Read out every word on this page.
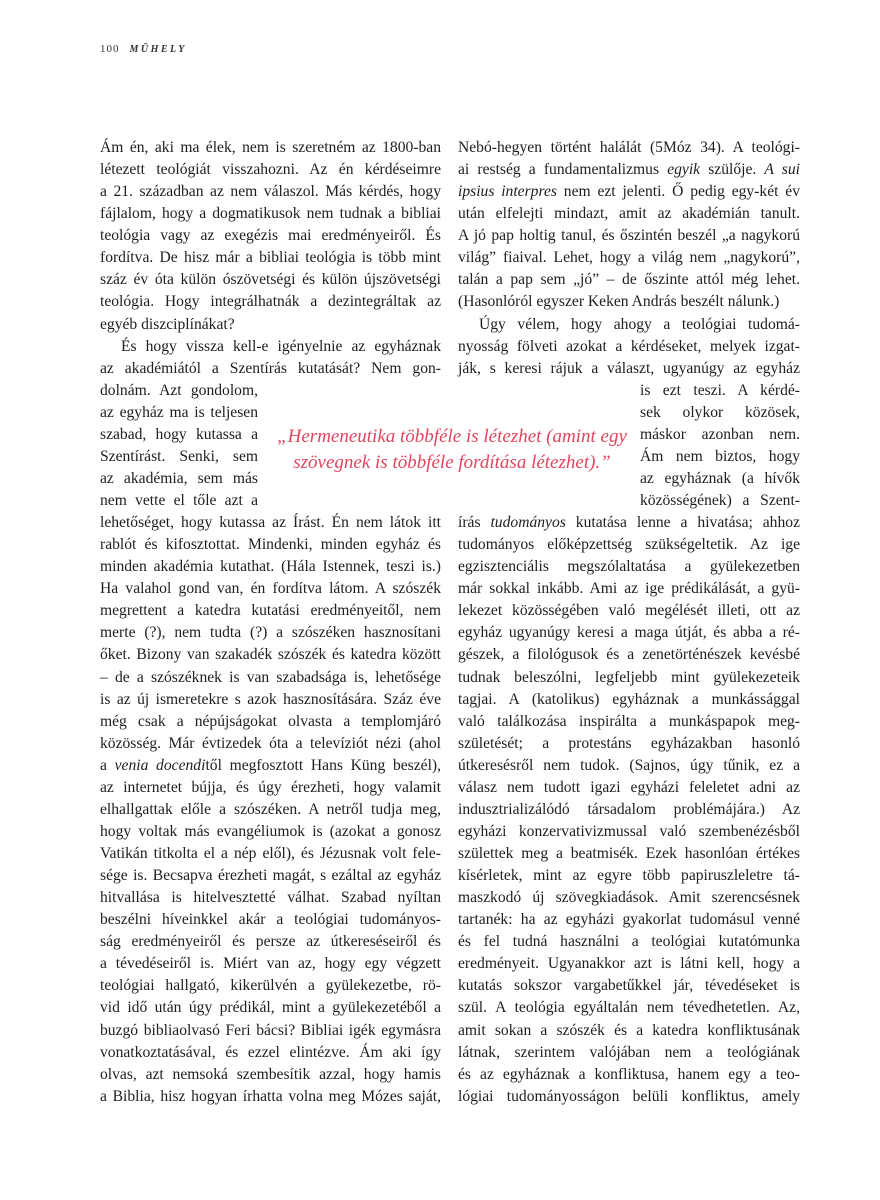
100 MŰHELY
Ám én, aki ma élek, nem is szeretném az 1800-ban
létezett teológiát visszahozni. Az én kérdéseimre
a 21. században az nem válaszol. Más kérdés, hogy
fájlalom, hogy a dogmatikusok nem tudnak a bibliai
teológia vagy az exegézis mai eredményeiről. És
fordítva. De hisz már a bibliai teológia is több mint
száz év óta külön ószövetségi és külön újszövetségi
teológia. Hogy integrálhatnák a dezintegráltak az
egyéb diszciplínákat?
És hogy vissza kell-e igényelnie az egyháznak
az akadémiától a Szentírás kutatását? Nem gon-
dolnám. Azt gondolom,
az egyház ma is teljesen
szabad, hogy kutassa a
Szentírást. Senki, sem
az akadémia, sem más
nem vette el tőle azt a
lehetőséget, hogy kutassa az Írást. Én nem látok itt
rablót és kifosztottat. Mindenki, minden egyház és
minden akadémia kutathat. (Hála Istennek, teszi is.)
Ha valahol gond van, én fordítva látom. A szószék
megrettent a katedra kutatási eredményeitől, nem
merte (?), nem tudta (?) a szószéken hasznosítani
őket. Bizony van szakadék szószék és katedra között
– de a szószéknek is van szabadsága is, lehetősége
is az új ismeretekre s azok hasznosítására. Száz éve
még csak a népújságokat olvasta a templomjáró
közösség. Már évtizedek óta a televíziót nézi (ahol
a venia docenditől megfosztott Hans Küng beszél),
az internetet bújja, és úgy érezheti, hogy valamit
elhallgattak előle a szószéken. A netről tudja meg,
hogy voltak más evangéliumok is (azokat a gonosz
Vatikán titkolta el a nép elől), és Jézusnak volt fele-
sége is. Becsapva érezheti magát, s ezáltal az egyház
hitvallása is hitelvesztetté válhat. Szabad nyíltan
beszélni híveinkkel akár a teológiai tudományos-
ság eredményeiről és persze az útkereséseiről és
a tévedéseiről is. Miért van az, hogy egy végzett
teológiai hallgató, kikerülvén a gyülekezetbe, rö-
vid idő után úgy prédikál, mint a gyülekezetéből a
buzgó bibliaolvasó Feri bácsi? Bibliai igék egymásra
vonatkoztatásával, és ezzel elintézve. Ám aki így
olvas, azt nemsoká szembesítik azzal, hogy hamis
a Biblia, hisz hogyan írhatta volna meg Mózes saját,
Nebó-hegyen történt halálát (5Móz 34). A teológi-
ai restség a fundamentalizmus egyik szülője. A sui
ipsius interpres nem ezt jelenti. Ő pedig egy-két év
után elfelejti mindazt, amit az akadémián tanult.
A jó pap holtig tanul, és őszintén beszél „a nagykorú
világ” fiaival. Lehet, hogy a világ nem „nagykorú”,
talán a pap sem „jó” – de őszinte attól még lehet.
(Hasonlóról egyszer Keken András beszélt nálunk.)
Úgy vélem, hogy ahogy a teológiai tudomá-
nyosság fölveti azokat a kérdéseket, melyek izgat-
ják, s keresi rájuk a választ, ugyanúgy az egyház
is ezt teszi. A kérdé-
sek olykor közösek,
máskor azonban nem.
Ám nem biztos, hogy
az egyháznak (a hívők
közösségének) a Szent-
írás tudományos kutatása lenne a hivatása; ahhoz
tudományos előképzettség szükségeltetik. Az ige
egzisztenciális megszólaltatása a gyülekezetben
már sokkal inkább. Ami az ige prédikálását, a gyü-
lekezet közösségében való megélését illeti, ott az
egyház ugyanúgy keresi a maga útját, és abba a ré-
gészek, a filológusok és a zenetörténészek kevésbé
tudnak beleszólni, legfeljebb mint gyülekezeteik
tagjai. A (katolikus) egyháznak a munkássággal
való találkozása inspirálta a munkáspapok meg-
születését; a protestáns egyházakban hasonló
útkeresésről nem tudok. (Sajnos, úgy tűnik, ez a
válasz nem tudott igazi egyházi feleletet adni az
indusztrializálódó társadalom problémájára.) Az
egyházi konzervativizmussal való szembenézésből
születtek meg a beatmisék. Ezek hasonlóan értékes
kísérletek, mint az egyre több papiruszleletre tá-
maszkodó új szövegkiadások. Amit szerencsésnek
tartanék: ha az egyházi gyakorlat tudomásul venné
és fel tudná használni a teológiai kutatómunka
eredményeit. Ugyanakkor azt is látni kell, hogy a
kutatás sokszor vargabetűkkel jár, tévedéseket is
szül. A teológia egyáltalán nem tévedhetetlen. Az,
amit sokan a szószék és a katedra konfliktusának
látnak, szerintem valójában nem a teológiának
és az egyháznak a konfliktusa, hanem egy a teo-
lógiai tudományosságon belüli konfliktus, amely
„Hermeneutika többféle is létezhet (amint egy
szövegnek is többféle fordítása létezhet).”
